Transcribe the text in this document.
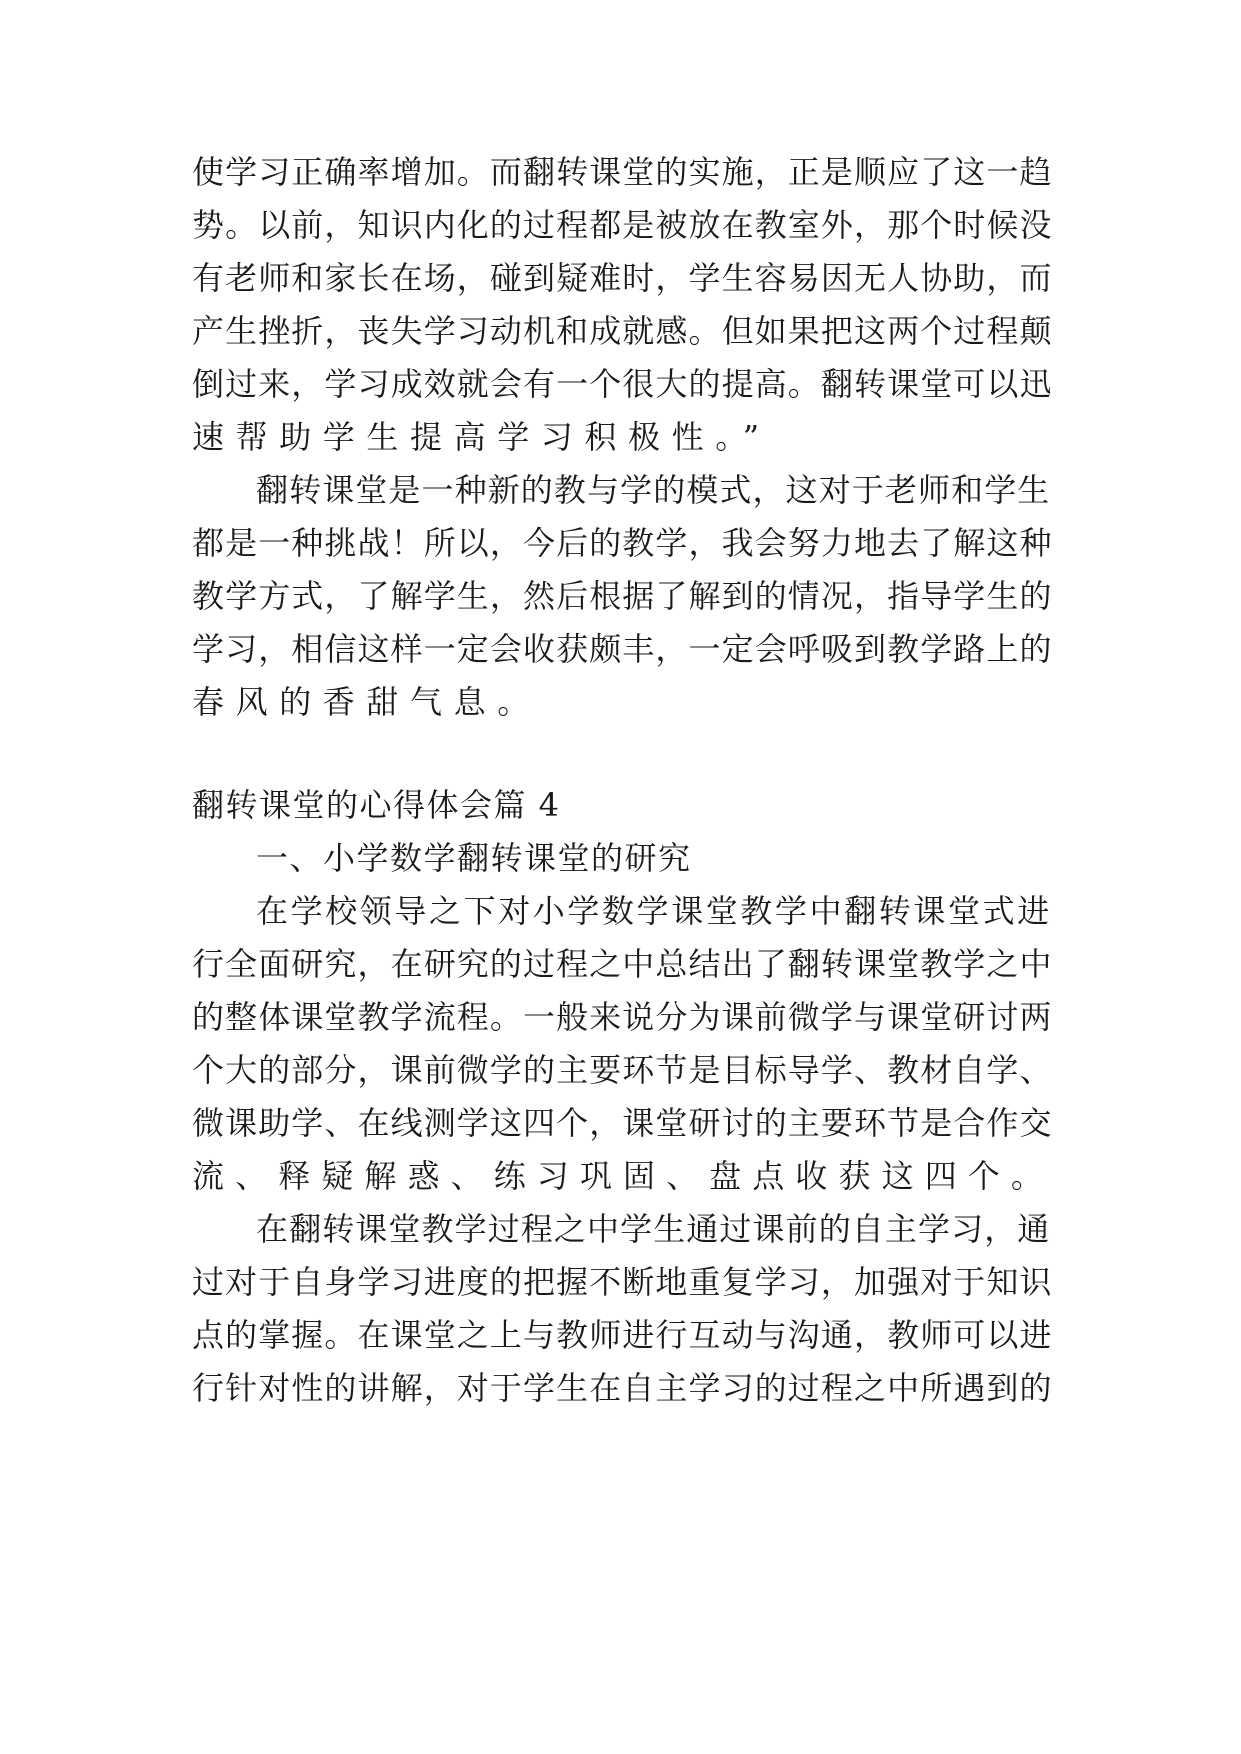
使学习正确率增加。而翻转课堂的实施，正是顺应了这一趋
势。以前，知识内化的过程都是被放在教室外，那个时候没
有老师和家长在场，碰到疑难时，学生容易因无人协助，而
产生挫折，丧失学习动机和成就感。但如果把这两个过程颠
倒过来，学习成效就会有一个很大的提高。翻转课堂可以迅
速帮助学生提高学习积极性。”
翻转课堂是一种新的教与学的模式，这对于老师和学生
都是一种挑战！所以，今后的教学，我会努力地去了解这种
教学方式，了解学生，然后根据了解到的情况，指导学生的
学习，相信这样一定会收获颇丰，一定会呼吸到教学路上的
春风的香甜气息。
翻转课堂的心得体会篇 4
一、小学数学翻转课堂的研究
在学校领导之下对小学数学课堂教学中翻转课堂式进
行全面研究，在研究的过程之中总结出了翻转课堂教学之中
的整体课堂教学流程。一般来说分为课前微学与课堂研讨两
个大的部分，课前微学的主要环节是目标导学、教材自学、
微课助学、在线测学这四个，课堂研讨的主要环节是合作交
流、释疑解惑、练习巩固、盘点收获这四个。
在翻转课堂教学过程之中学生通过课前的自主学习，通
过对于自身学习进度的把握不断地重复学习，加强对于知识
点的掌握。在课堂之上与教师进行互动与沟通，教师可以进
行针对性的讲解，对于学生在自主学习的过程之中所遇到的
